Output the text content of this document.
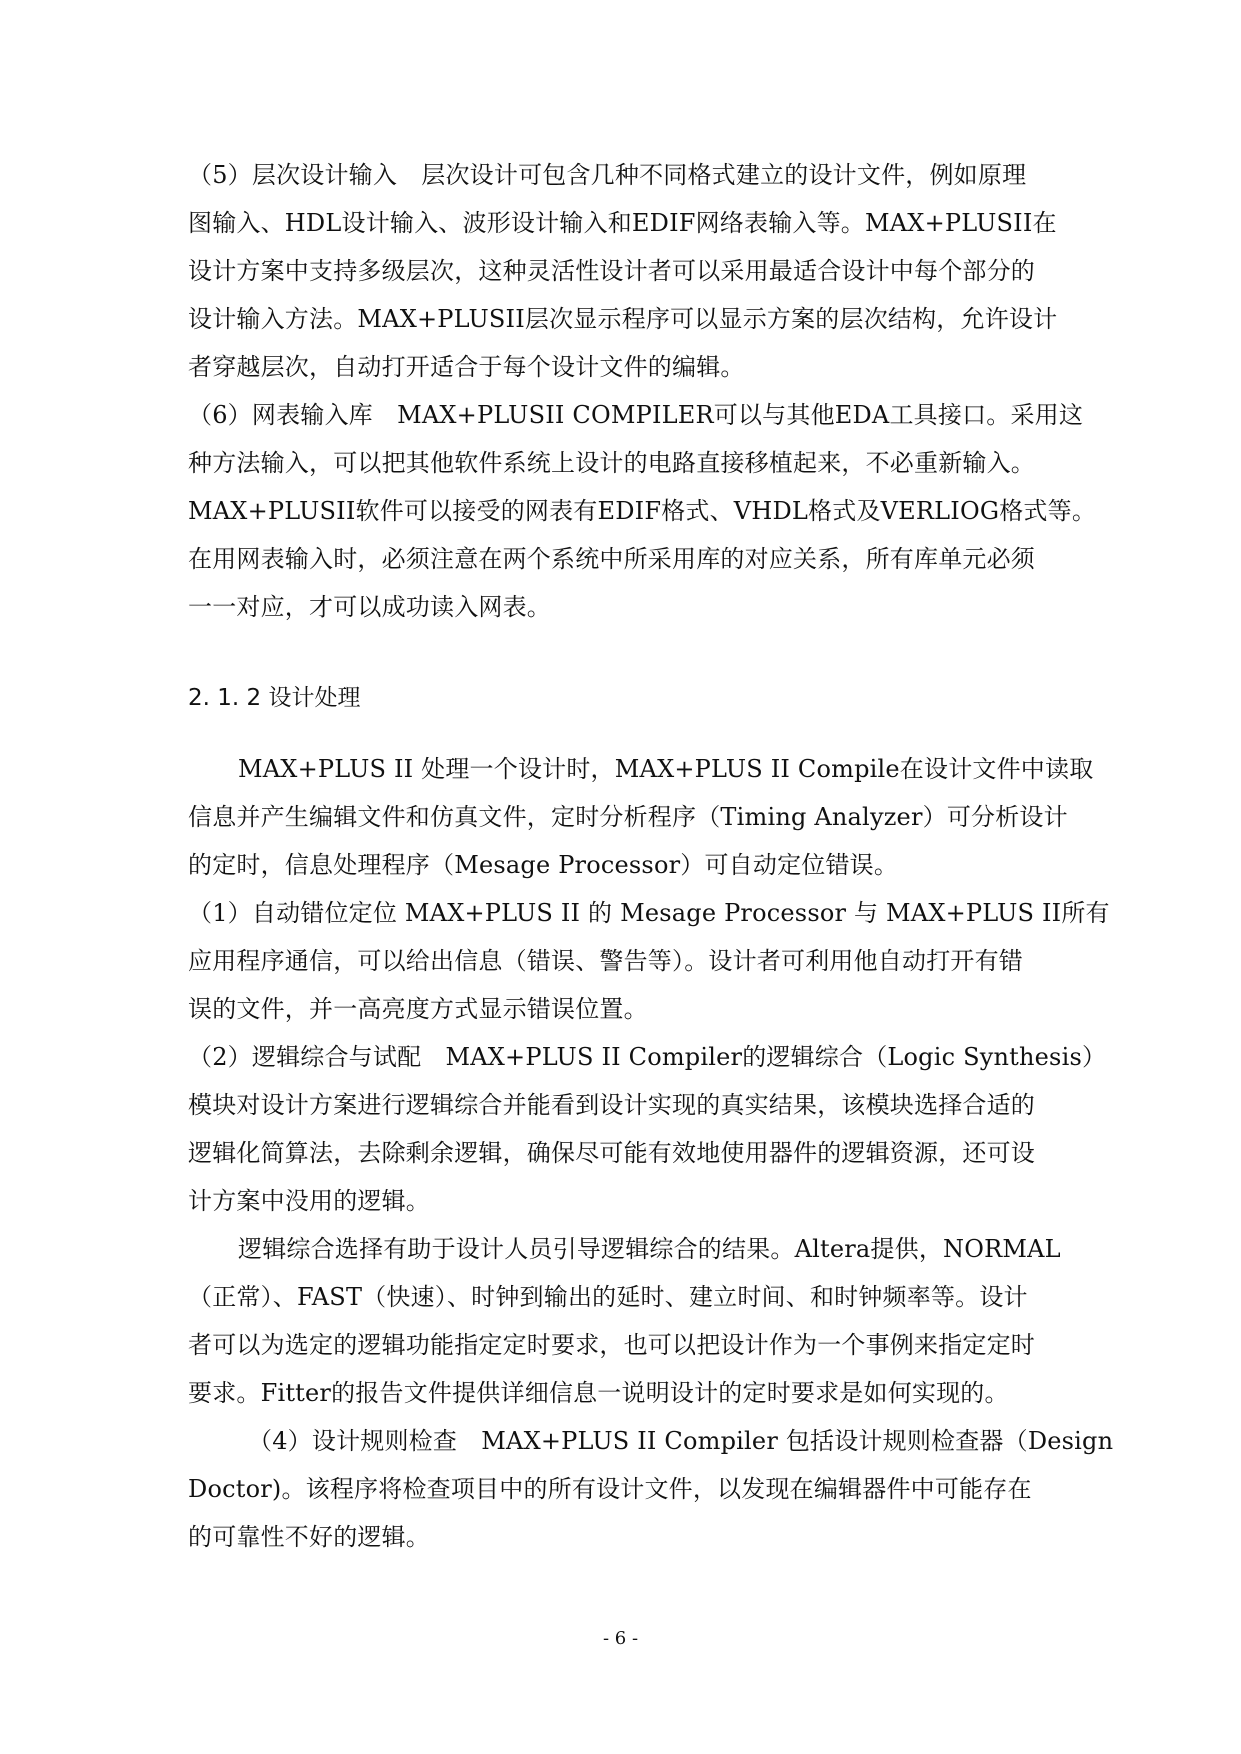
（5）层次设计输入　层次设计可包含几种不同格式建立的设计文件，例如原理
图输入、HDL设计输入、波形设计输入和EDIF网络表输入等。MAX+PLUSII在
设计方案中支持多级层次，这种灵活性设计者可以采用最适合设计中每个部分的
设计输入方法。MAX+PLUSII层次显示程序可以显示方案的层次结构，允许设计
者穿越层次，自动打开适合于每个设计文件的编辑。
（6）网表输入库　MAX+PLUSII COMPILER可以与其他EDA工具接口。采用这
种方法输入，可以把其他软件系统上设计的电路直接移植起来，不必重新输入。
MAX+PLUSII软件可以接受的网表有EDIF格式、VHDL格式及VERLIOG格式等。
在用网表输入时，必须注意在两个系统中所采用库的对应关系，所有库单元必须
一一对应，才可以成功读入网表。
2. 1. 2 设计处理
MAX+PLUS II 处理一个设计时，MAX+PLUS II Compile在设计文件中读取
信息并产生编辑文件和仿真文件，定时分析程序（Timing Analyzer）可分析设计
的定时，信息处理程序（Mesage Processor）可自动定位错误。
（1）自动错位定位 MAX+PLUS II 的 Mesage Processor 与 MAX+PLUS II所有
应用程序通信，可以给出信息（错误、警告等）。设计者可利用他自动打开有错
误的文件，并一高亮度方式显示错误位置。
（2）逻辑综合与试配　MAX+PLUS II Compiler的逻辑综合（Logic Synthesis）
模块对设计方案进行逻辑综合并能看到设计实现的真实结果，该模块选择合适的
逻辑化简算法，去除剩余逻辑，确保尽可能有效地使用器件的逻辑资源，还可设
计方案中没用的逻辑。
逻辑综合选择有助于设计人员引导逻辑综合的结果。Altera提供，NORMAL
（正常）、FAST（快速）、时钟到输出的延时、建立时间、和时钟频率等。设计
者可以为选定的逻辑功能指定定时要求，也可以把设计作为一个事例来指定定时
要求。Fitter的报告文件提供详细信息一说明设计的定时要求是如何实现的。
（4）设计规则检查　MAX+PLUS II Compiler 包括设计规则检查器（Design
Doctor)。该程序将检查项目中的所有设计文件，以发现在编辑器件中可能存在
的可靠性不好的逻辑。
- 6 -
